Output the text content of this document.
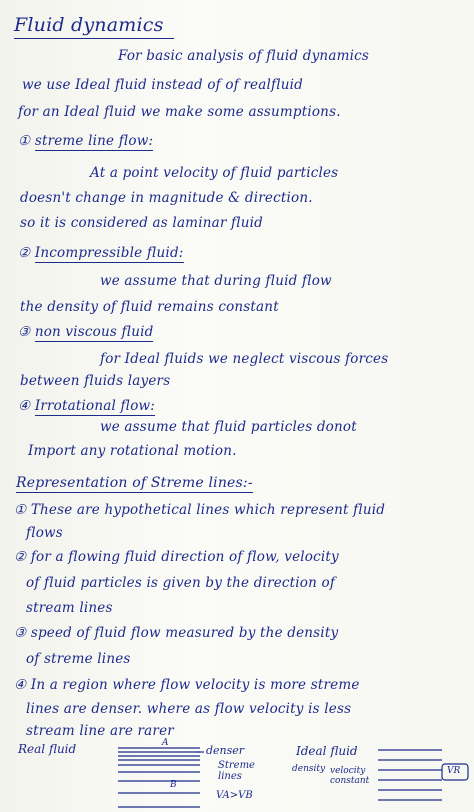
Fluid dynamics
For basic analysis of fluid dynamics
we use Ideal fluid instead of of realfluid
for an Ideal fluid we make some assumptions.
① streme line flow:
At a point velocity of fluid particles
doesn't change in magnitude & direction.
so it is considered as laminar fluid
② Incompressible fluid:
we assume that during fluid flow
the density of fluid remains constant
③ non viscous fluid
for Ideal fluids we neglect viscous forces
between fluids layers
④ Irrotational flow:
we assume that fluid particles donot
Import any rotational motion.
Representation of Streme lines:-
① These are hypothetical lines which represent fluid
flows
② for a flowing fluid direction of flow, velocity
of fluid particles is given by the direction of
stream lines
③ speed of fluid flow measured by the density
of streme lines
④ In a region where flow velocity is more streme
lines are denser. where as flow velocity is less
stream line are rarer
Real fluid	A
B
denser
Streme lines
VA>VB
Ideal fluid
density velocity constant
VR
